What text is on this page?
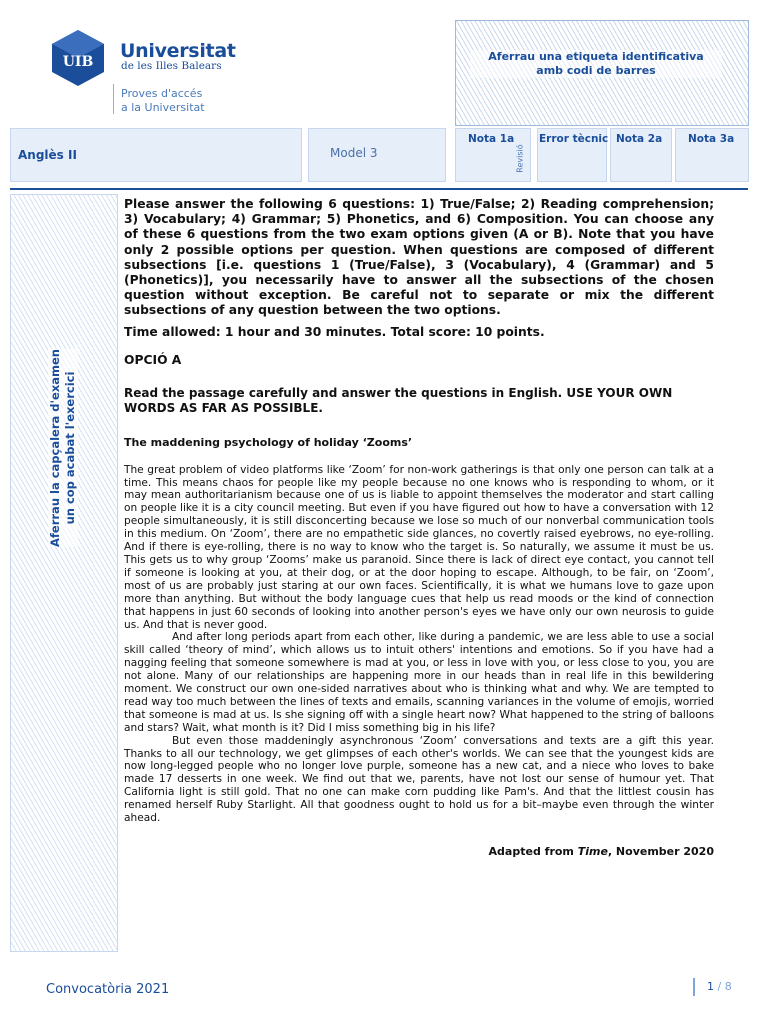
UIB Universitat
de les Illes Balears
Proves d'accés
a la Universitat
Aferrau una etiqueta identificativa
amb codi de barres
Anglès II	Model 3
Nota 1a Error tècnic Nota 2a Nota 3a
Revisió
Aferrau la capçalera d'examen un cop acabat l'exercici

Please answer the following 6 questions: 1) True/False; 2) Reading comprehension; 3) Vocabulary; 4) Grammar; 5) Phonetics, and 6) Composition. You can choose any of these 6 questions from the two exam options given (A or B). Note that you have only 2 possible options per question. When questions are composed of different subsections [i.e. questions 1 (True/False), 3 (Vocabulary), 4 (Grammar) and 5 (Phonetics)], you necessarily have to answer all the subsections of the chosen question without exception. Be careful not to separate or mix the different subsections of any question between the two options.

Time allowed: 1 hour and 30 minutes. Total score: 10 points.

OPCIÓ A

Read the passage carefully and answer the questions in English. USE YOUR OWN WORDS AS FAR AS POSSIBLE.

The maddening psychology of holiday ‘Zooms’

The great problem of video platforms like ‘Zoom’ for non-work gatherings is that only one person can talk at a time. This means chaos for people like my people because no one knows who is responding to whom, or it may mean authoritarianism because one of us is liable to appoint themselves the moderator and start calling on people like it is a city council meeting. But even if you have figured out how to have a conversation with 12 people simultaneously, it is still disconcerting because we lose so much of our nonverbal communication tools in this medium. On ‘Zoom’, there are no empathetic side glances, no covertly raised eyebrows, no eye-rolling. And if there is eye-rolling, there is no way to know who the target is. So naturally, we assume it must be us. This gets us to why group ‘Zooms’ make us paranoid. Since there is lack of direct eye contact, you cannot tell if someone is looking at you, at their dog, or at the door hoping to escape. Although, to be fair, on ‘Zoom’, most of us are probably just staring at our own faces. Scientifically, it is what we humans love to gaze upon more than anything. But without the body language cues that help us read moods or the kind of connection that happens in just 60 seconds of looking into another person's eyes we have only our own neurosis to guide us. And that is never good.

And after long periods apart from each other, like during a pandemic, we are less able to use a social skill called ‘theory of mind’, which allows us to intuit others' intentions and emotions. So if you have had a nagging feeling that someone somewhere is mad at you, or less in love with you, or less close to you, you are not alone. Many of our relationships are happening more in our heads than in real life in this bewildering moment. We construct our own one-sided narratives about who is thinking what and why. We are tempted to read way too much between the lines of texts and emails, scanning variances in the volume of emojis, worried that someone is mad at us. Is she signing off with a single heart now? What happened to the string of balloons and stars? Wait, what month is it? Did I miss something big in his life?

But even those maddeningly asynchronous ‘Zoom’ conversations and texts are a gift this year. Thanks to all our technology, we get glimpses of each other's worlds. We can see that the youngest kids are now long-legged people who no longer love purple, someone has a new cat, and a niece who loves to bake made 17 desserts in one week. We find out that we, parents, have not lost our sense of humour yet. That California light is still gold. That no one can make corn pudding like Pam's. And that the littlest cousin has renamed herself Ruby Starlight. All that goodness ought to hold us for a bit–maybe even through the winter ahead.

Adapted from Time, November 2020
Convocatòria 2021	1 / 8
